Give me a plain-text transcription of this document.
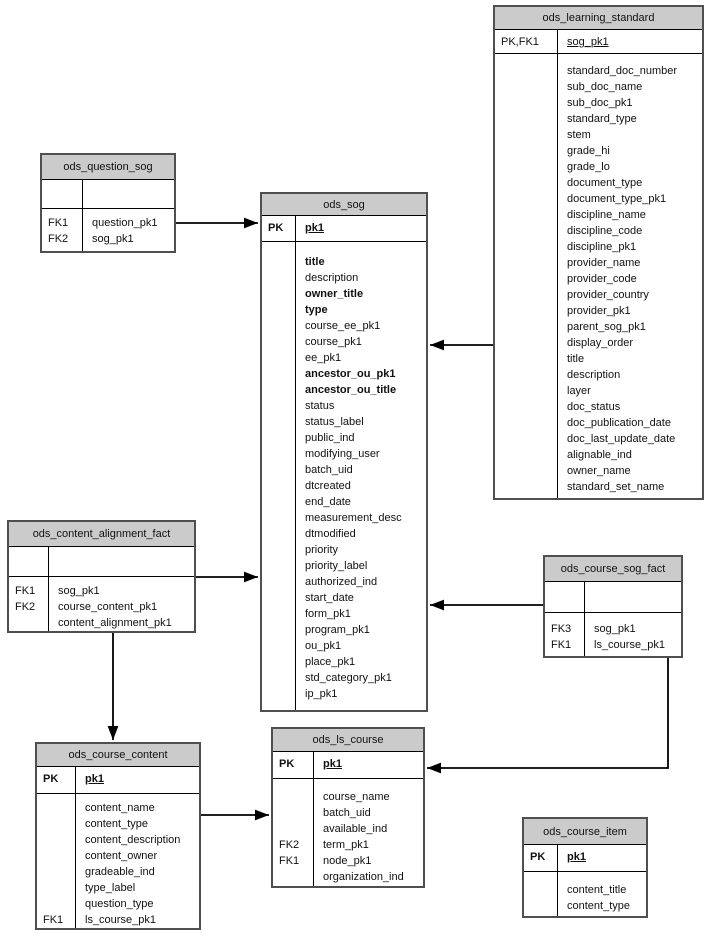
ods_learning_standard
PK,FK1	sog_pk1
standard_doc_number
sub_doc_name
sub_doc_pk1
standard_type
stem
grade_hi
grade_lo
document_type
document_type_pk1
discipline_name
discipline_code
discipline_pk1
provider_name
provider_code
provider_country
provider_pk1
parent_sog_pk1
display_order
title
description
layer
doc_status
doc_publication_date
doc_last_update_date
alignable_ind
owner_name
standard_set_name
ods_question_sog
FK1	question_pk1
FK2	sog_pk1
ods_sog
PK	pk1
title
description
owner_title
type
course_ee_pk1
course_pk1
ee_pk1
ancestor_ou_pk1
ancestor_ou_title
status
status_label
public_ind
modifying_user
batch_uid
dtcreated
end_date
measurement_desc
dtmodified
priority
priority_label
authorized_ind
start_date
form_pk1
program_pk1
ou_pk1
place_pk1
std_category_pk1
ip_pk1
ods_content_alignment_fact
FK1	sog_pk1
FK2	course_content_pk1
content_alignment_pk1
ods_course_sog_fact
FK3	sog_pk1
FK1	ls_course_pk1
ods_course_content
PK	pk1
content_name
content_type
content_description
content_owner
gradeable_ind
type_label
question_type
FK1	ls_course_pk1
ods_ls_course
PK	pk1
course_name
batch_uid
available_ind
FK2	term_pk1
FK1	node_pk1
organization_ind
ods_course_item
PK	pk1
content_title
content_type
